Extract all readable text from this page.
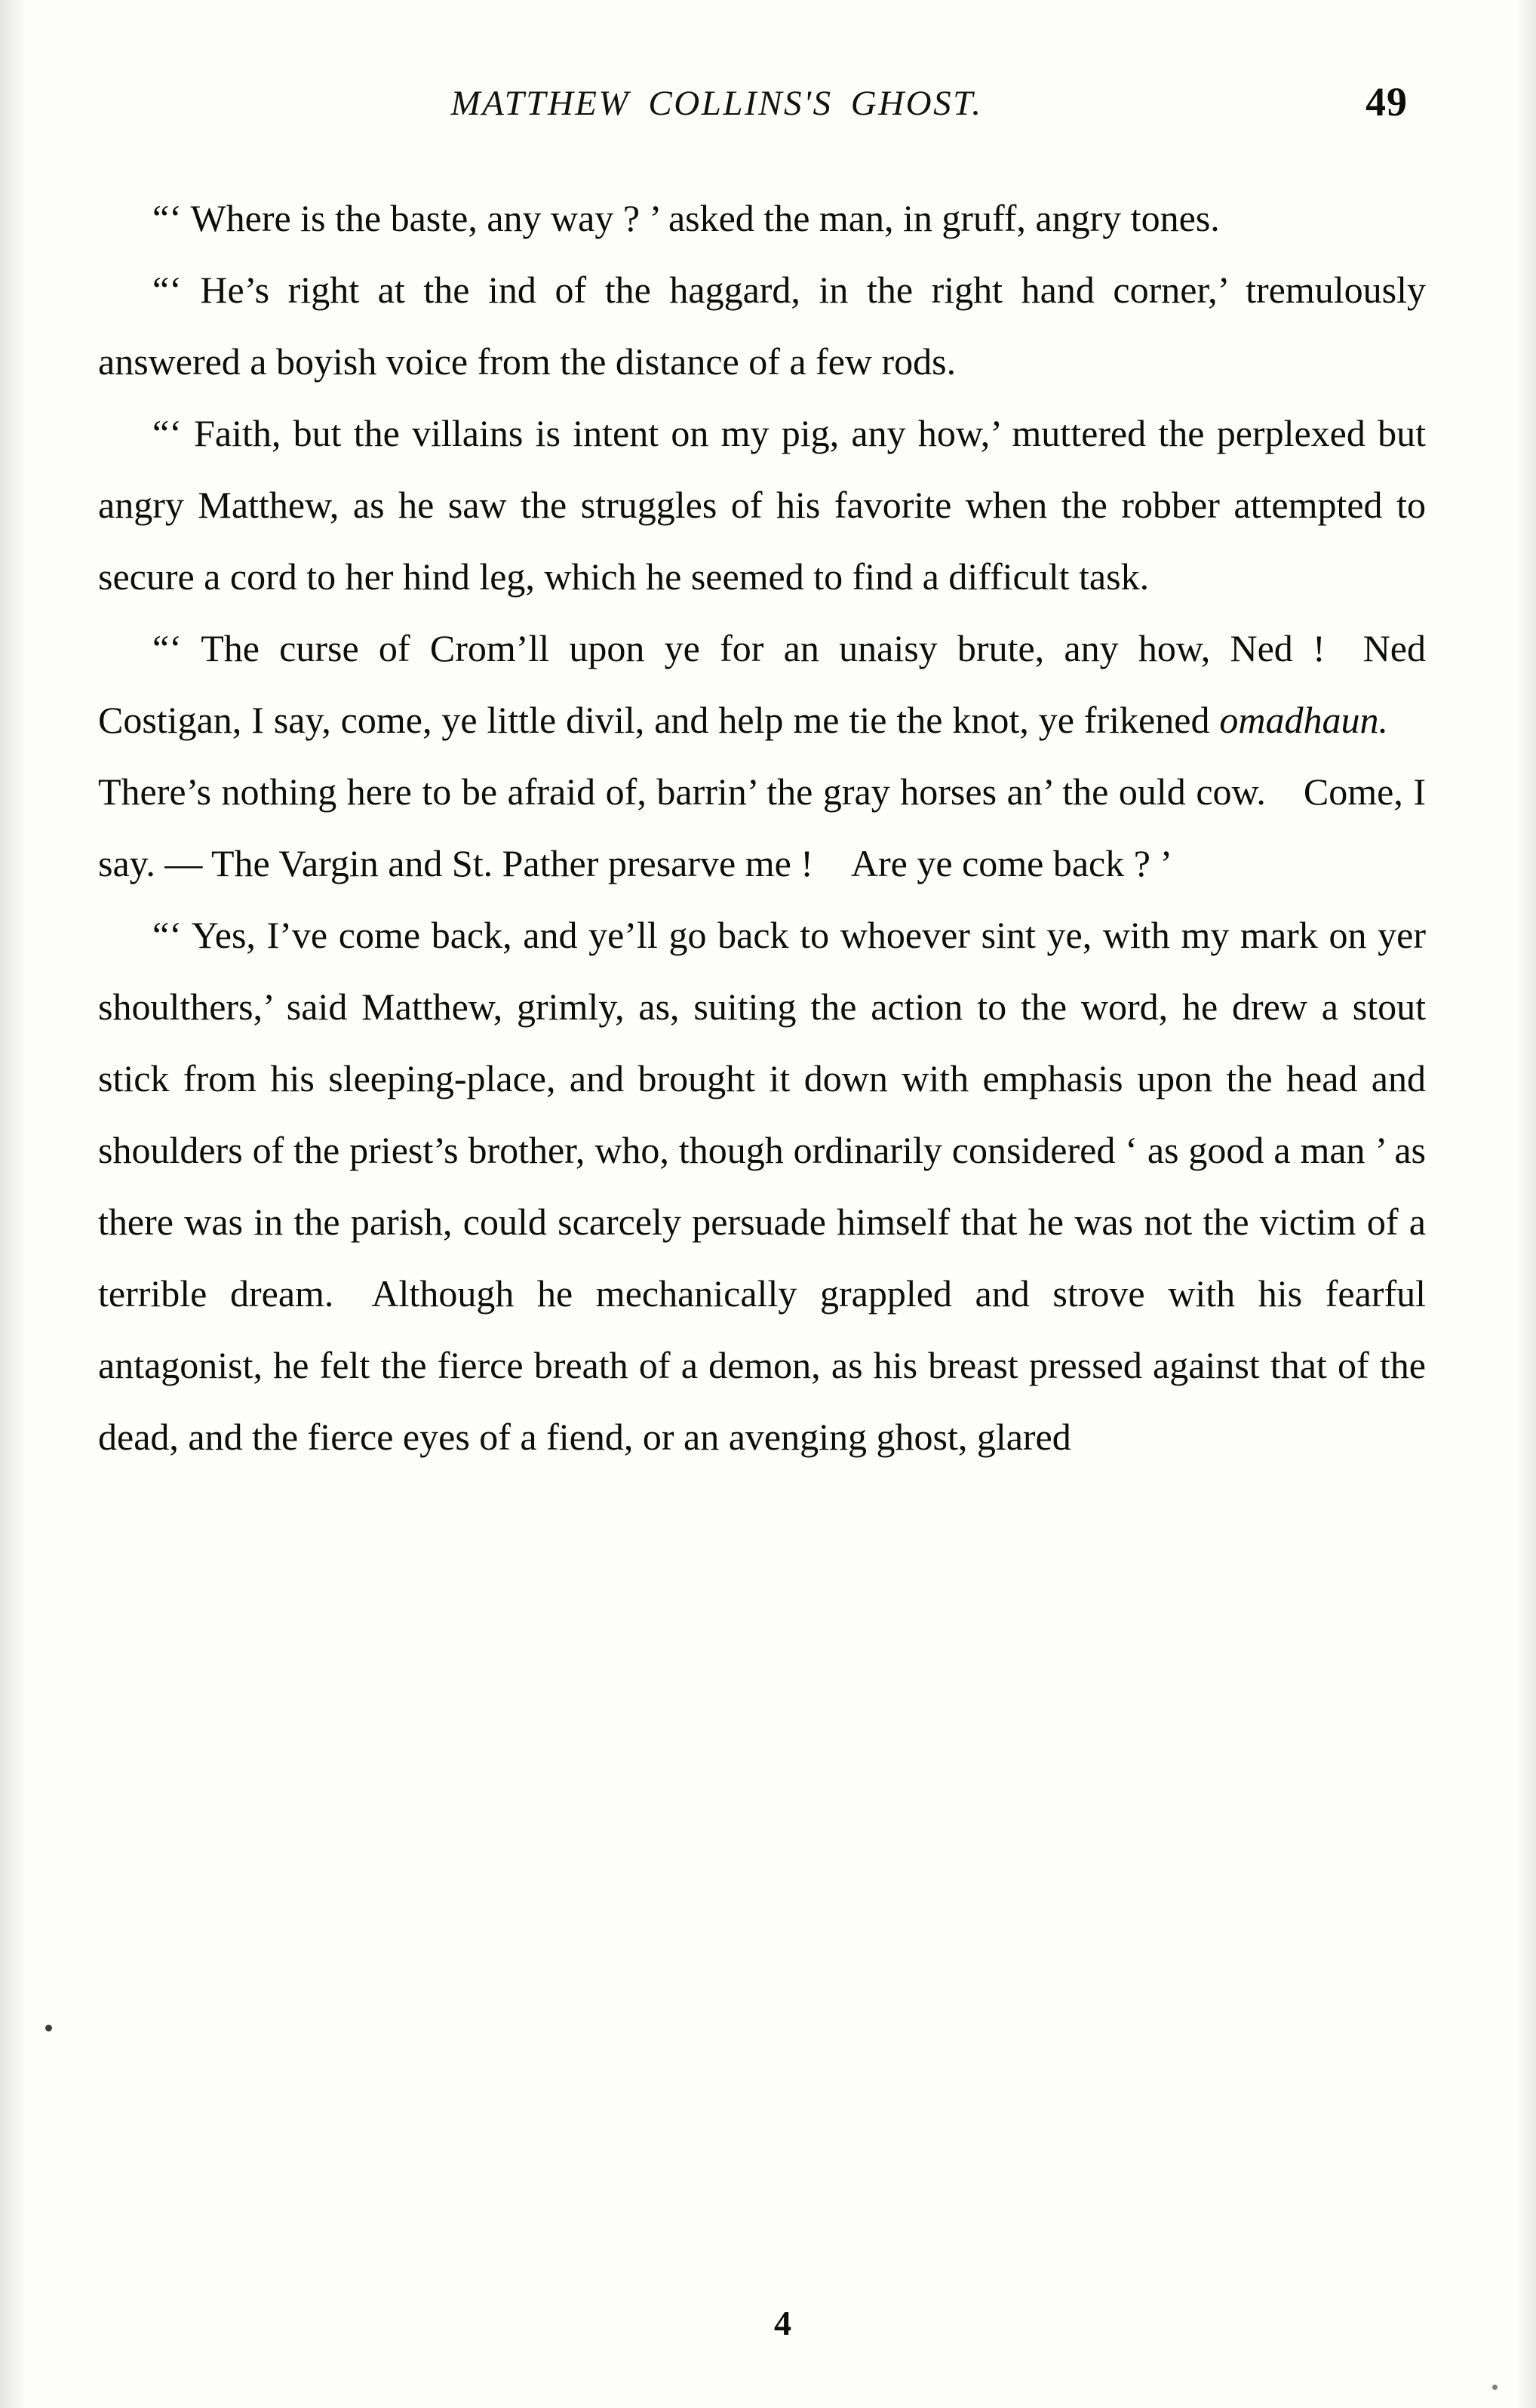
MATTHEW COLLINS'S GHOST.	49

“‘ Where is the baste, any way ? ’ asked the man, in gruff, angry tones.

“‘ He’s right at the ind of the haggard, in the right hand corner,’ tremulously answered a boyish voice from the distance of a few rods.

“‘ Faith, but the villains is intent on my pig, any how,’ muttered the perplexed but angry Matthew, as he saw the struggles of his favorite when the robber attempted to secure a cord to her hind leg, which he seemed to find a difficult task.

“‘ The curse of Crom’ll upon ye for an unaisy brute, any how, Ned ! Ned Costigan, I say, come, ye little divil, and help me tie the knot, ye frikened omadhaun. There’s nothing here to be afraid of, barrin’ the gray horses an’ the ould cow. Come, I say. — The Vargin and St. Pather presarve me ! Are ye come back ? ’

“‘ Yes, I’ve come back, and ye’ll go back to whoever sint ye, with my mark on yer shoulthers,’ said Matthew, grimly, as, suiting the action to the word, he drew a stout stick from his sleeping-place, and brought it down with emphasis upon the head and shoulders of the priest’s brother, who, though ordinarily considered ‘ as good a man ’ as there was in the parish, could scarcely persuade himself that he was not the victim of a terrible dream. Although he mechanically grappled and strove with his fearful antagonist, he felt the fierce breath of a demon, as his breast pressed against that of the dead, and the fierce eyes of a fiend, or an avenging ghost, glared

4
